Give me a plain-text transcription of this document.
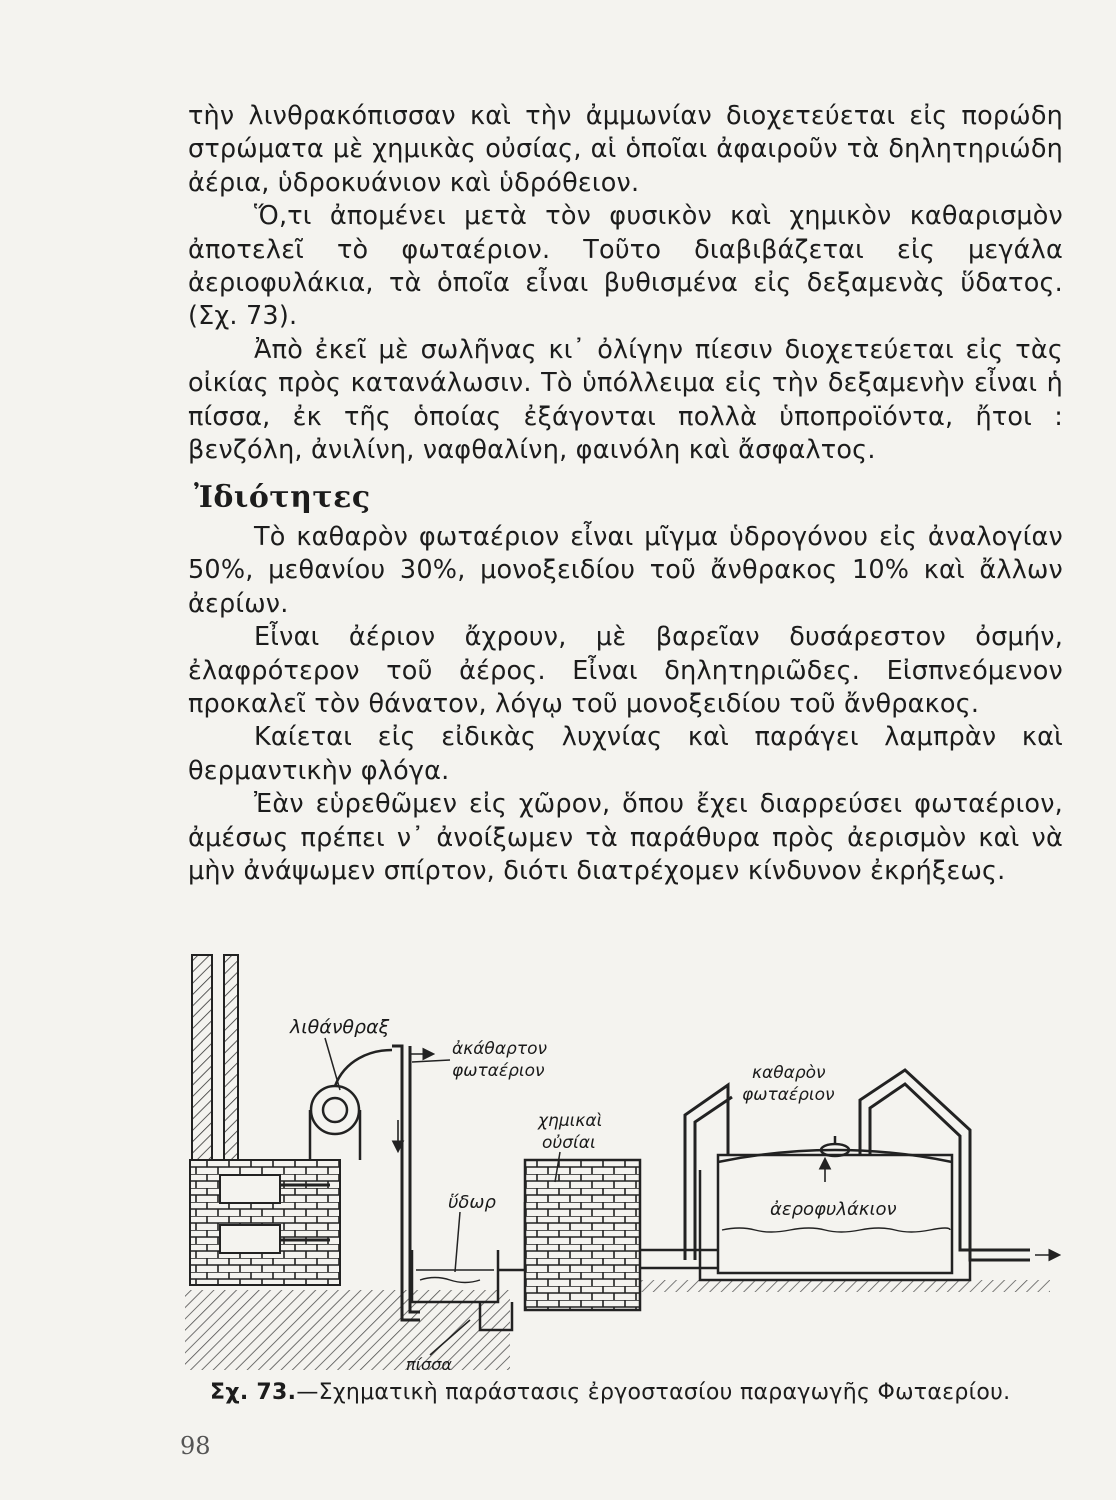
τὴν λινθρακόπισσαν καὶ τὴν ἀμμωνίαν διοχετεύεται εἰς πορώδη στρώματα μὲ χημικὰς οὐσίας, αἱ ὁποῖαι ἀφαιροῦν τὰ δηλητηριώδη ἀέρια, ὑδροκυάνιον καὶ ὑδρόθειον.

Ὅ,τι ἀπομένει μετὰ τὸν φυσικὸν καὶ χημικὸν καθαρισμὸν ἀποτελεῖ τὸ φωταέριον. Τοῦτο διαβιβάζεται εἰς μεγάλα ἀεριοφυλάκια, τὰ ὁποῖα εἶναι βυθισμένα εἰς δεξαμενὰς ὕδατος. (Σχ. 73).

Ἀπὸ ἐκεῖ μὲ σωλῆνας κι᾿ ὀλίγην πίεσιν διοχετεύεται εἰς τὰς οἰκίας πρὸς κατανάλωσιν. Τὸ ὑπόλλειμα εἰς τὴν δεξαμενὴν εἶναι ἡ πίσσα, ἐκ τῆς ὁποίας ἐξάγονται πολλὰ ὑποπροϊόντα, ἤτοι : βενζόλη, ἀνιλίνη, ναφθαλίνη, φαινόλη καὶ ἄσφαλτος.

Ἰδιότητες

Τὸ καθαρὸν φωταέριον εἶναι μῖγμα ὑδρογόνου εἰς ἀναλογίαν 50%, μεθανίου 30%, μονοξειδίου τοῦ ἄνθρακος 10% καὶ ἄλλων ἀερίων.

Εἶναι ἀέριον ἄχρουν, μὲ βαρεῖαν δυσάρεστον ὀσμήν, ἐλαφρότερον τοῦ ἀέρος. Εἶναι δηλητηριῶδες. Εἰσπνεόμενον προκαλεῖ τὸν θάνατον, λόγῳ τοῦ μονοξειδίου τοῦ ἄνθρακος.

Καίεται εἰς εἰδικὰς λυχνίας καὶ παράγει λαμπρὰν καὶ θερμαντικὴν φλόγα.

Ἐὰν εὑρεθῶμεν εἰς χῶρον, ὅπου ἔχει διαρρεύσει φωταέριον, ἀμέσως πρέπει ν᾿ ἀνοίξωμεν τὰ παράθυρα πρὸς ἀερισμὸν καὶ νὰ μὴν ἀνάψωμεν σπίρτον, διότι διατρέχομεν κίνδυνον ἐκρήξεως.

λιθάνθραξ
ἀκάθαρτον
φωταέριον
χημικαὶ
οὐσίαι
ὕδωρ
πίσσα
καθαρὸν
φωταέριον
ἀεροφυλάκιον
Σχ. 73.—Σχηματικὴ παράστασις ἐργοστασίου παραγωγῆς Φωταερίου.
98
